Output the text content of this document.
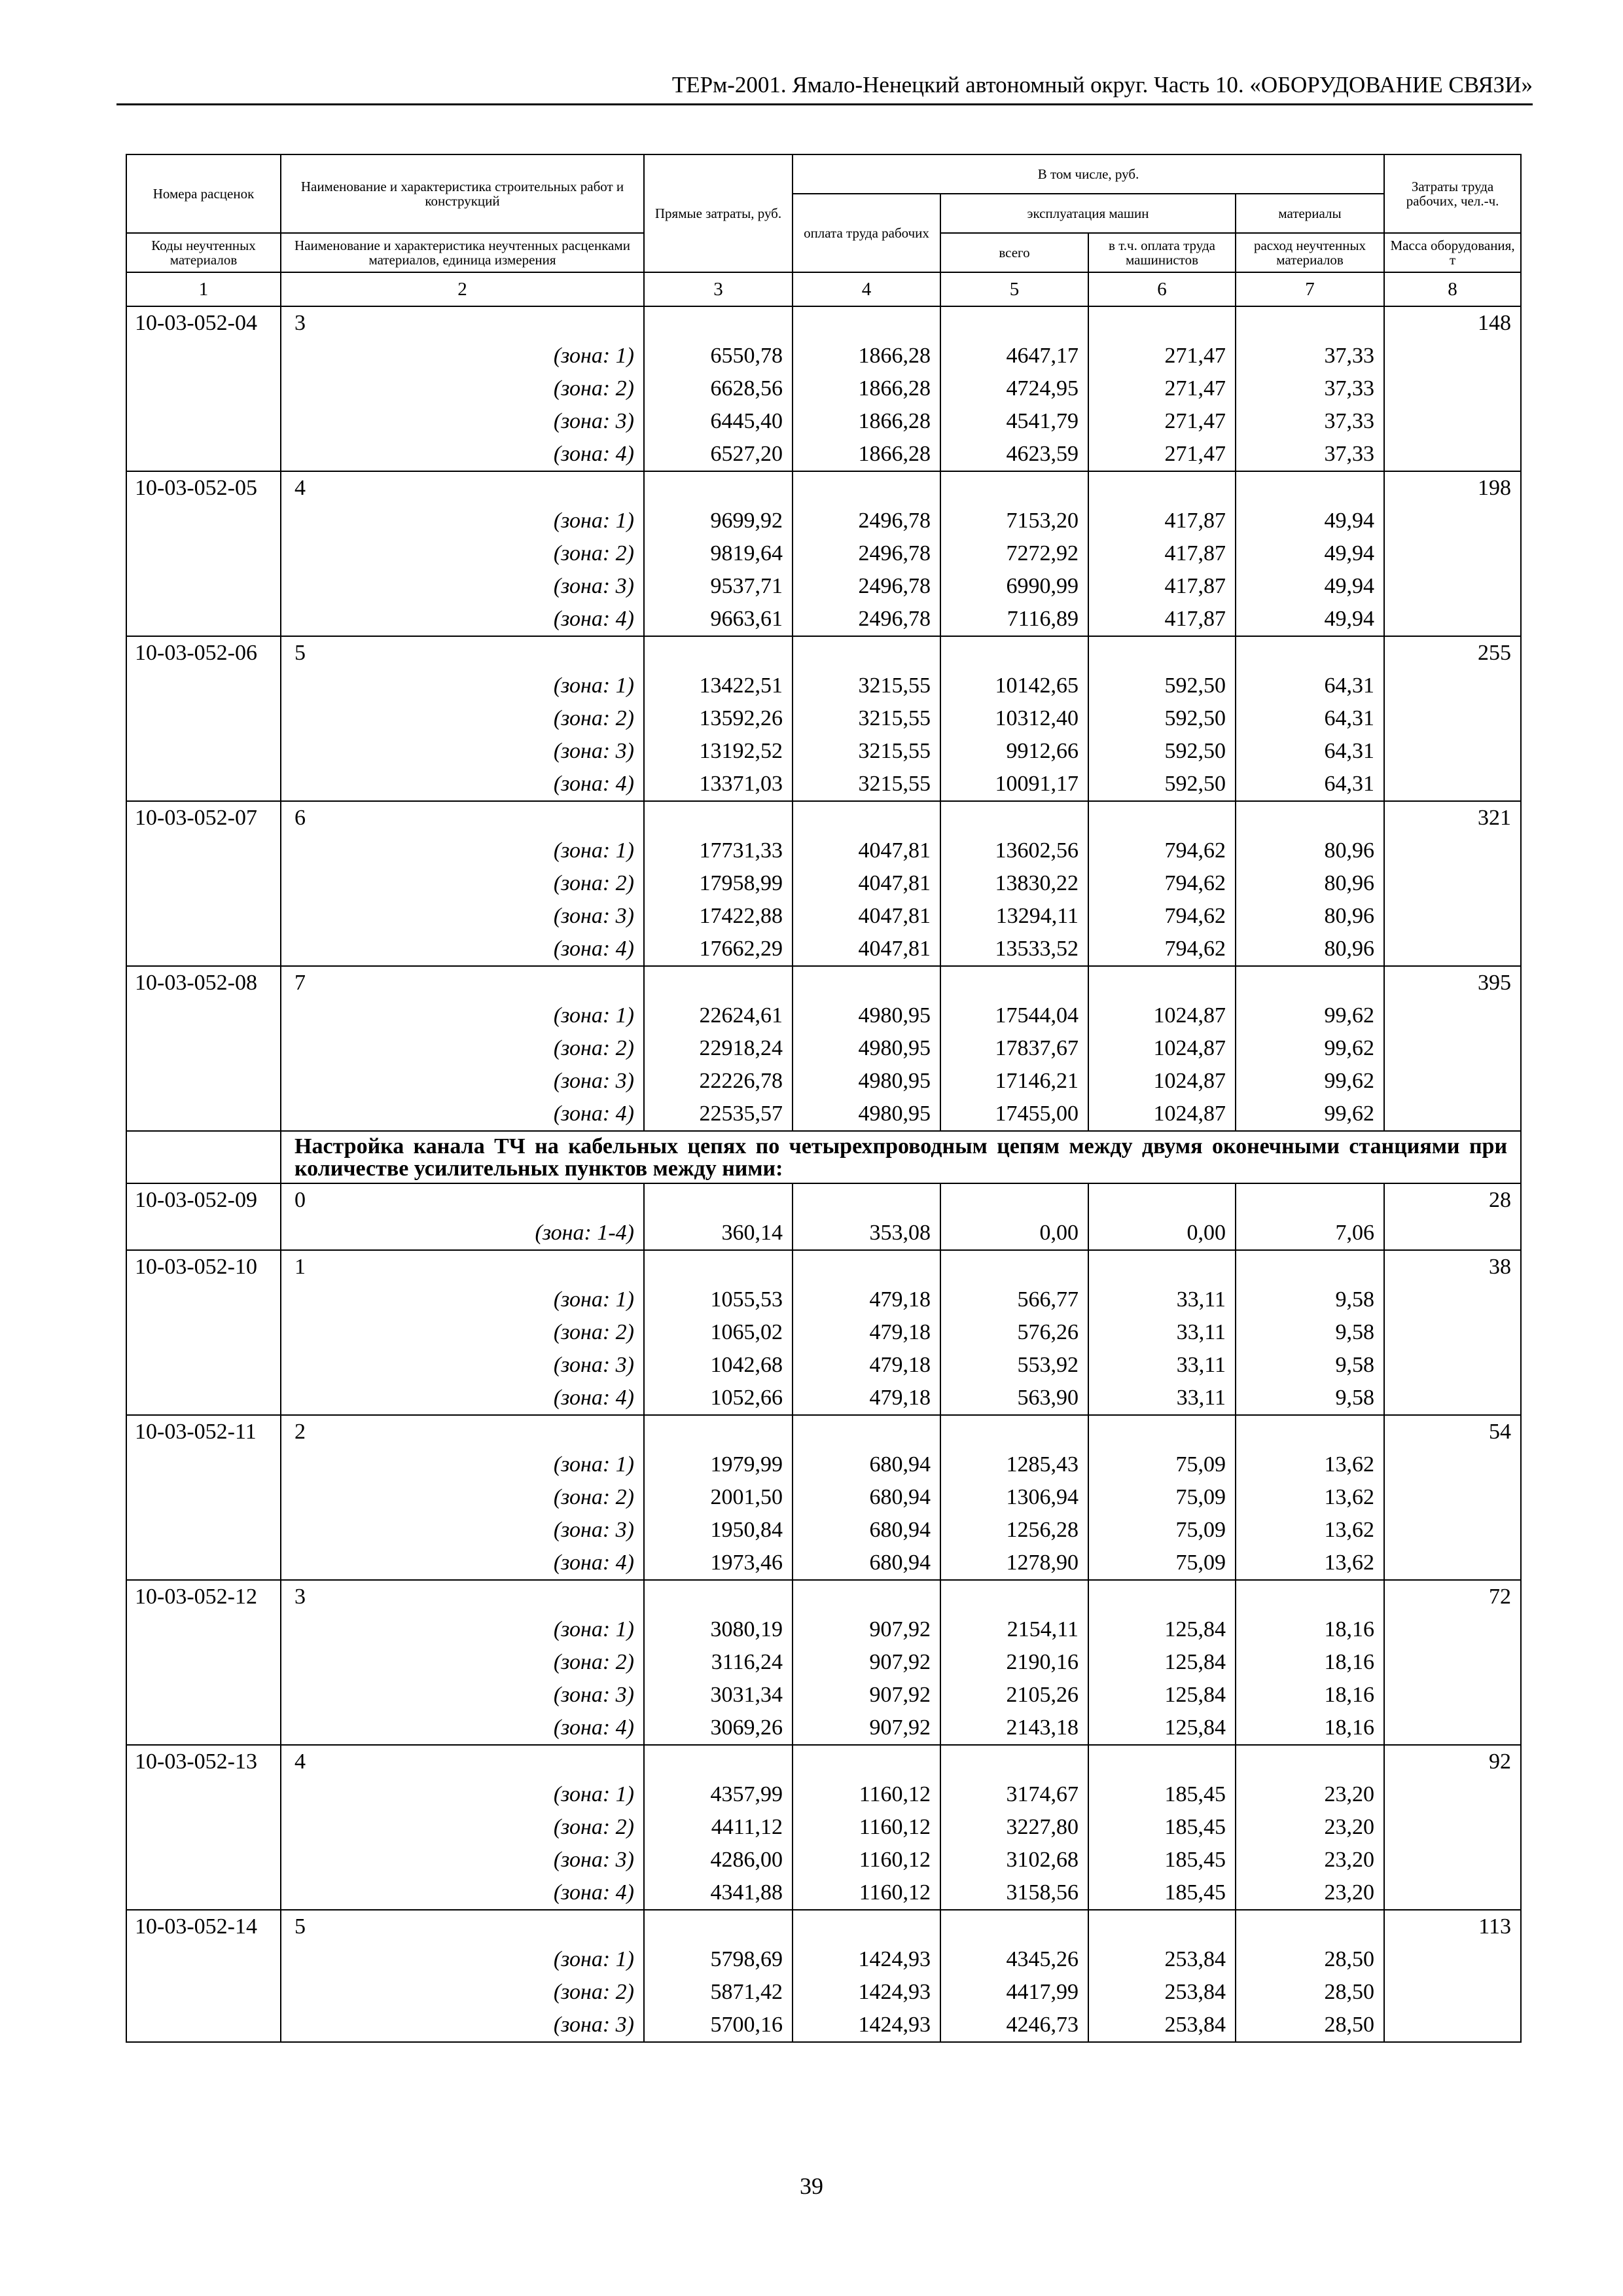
ТЕРм-2001. Ямало-Ненецкий автономный округ. Часть 10. «ОБОРУДОВАНИЕ СВЯЗИ»
Номера расценок	Наименование и характеристика строительных работ и конструкций	Прямые затраты, руб.	В том числе, руб.				Затраты труда рабочих, чел.-ч.
			оплата труда рабочих	эксплуатация машин		материалы	
Коды неучтенных материалов	Наименование и характеристика неучтенных расценками материалов, единица измерения			всего	в т.ч. оплата труда машинистов	расход неучтенных материалов	Масса оборудования, т
1	2	3	4	5	6	7	8
10-03-052-04	3						148
	(зона: 1)	6550,78	1866,28	4647,17	271,47	37,33	
	(зона: 2)	6628,56	1866,28	4724,95	271,47	37,33	
	(зона: 3)	6445,40	1866,28	4541,79	271,47	37,33	
	(зона: 4)	6527,20	1866,28	4623,59	271,47	37,33	
10-03-052-05	4						198
	(зона: 1)	9699,92	2496,78	7153,20	417,87	49,94	
	(зона: 2)	9819,64	2496,78	7272,92	417,87	49,94	
	(зона: 3)	9537,71	2496,78	6990,99	417,87	49,94	
	(зона: 4)	9663,61	2496,78	7116,89	417,87	49,94	
10-03-052-06	5						255
	(зона: 1)	13422,51	3215,55	10142,65	592,50	64,31	
	(зона: 2)	13592,26	3215,55	10312,40	592,50	64,31	
	(зона: 3)	13192,52	3215,55	9912,66	592,50	64,31	
	(зона: 4)	13371,03	3215,55	10091,17	592,50	64,31	
10-03-052-07	6						321
	(зона: 1)	17731,33	4047,81	13602,56	794,62	80,96	
	(зона: 2)	17958,99	4047,81	13830,22	794,62	80,96	
	(зона: 3)	17422,88	4047,81	13294,11	794,62	80,96	
	(зона: 4)	17662,29	4047,81	13533,52	794,62	80,96	
10-03-052-08	7						395
	(зона: 1)	22624,61	4980,95	17544,04	1024,87	99,62	
	(зона: 2)	22918,24	4980,95	17837,67	1024,87	99,62	
	(зона: 3)	22226,78	4980,95	17146,21	1024,87	99,62	
	(зона: 4)	22535,57	4980,95	17455,00	1024,87	99,62	
	Настройка канала ТЧ на кабельных цепях по четырехпроводным цепям между двумя оконечными станциями при количестве усилительных пунктов между ними:						
10-03-052-09	0						28
	(зона: 1-4)	360,14	353,08	0,00	0,00	7,06	
10-03-052-10	1						38
	(зона: 1)	1055,53	479,18	566,77	33,11	9,58	
	(зона: 2)	1065,02	479,18	576,26	33,11	9,58	
	(зона: 3)	1042,68	479,18	553,92	33,11	9,58	
	(зона: 4)	1052,66	479,18	563,90	33,11	9,58	
10-03-052-11	2						54
	(зона: 1)	1979,99	680,94	1285,43	75,09	13,62	
	(зона: 2)	2001,50	680,94	1306,94	75,09	13,62	
	(зона: 3)	1950,84	680,94	1256,28	75,09	13,62	
	(зона: 4)	1973,46	680,94	1278,90	75,09	13,62	
10-03-052-12	3						72
	(зона: 1)	3080,19	907,92	2154,11	125,84	18,16	
	(зона: 2)	3116,24	907,92	2190,16	125,84	18,16	
	(зона: 3)	3031,34	907,92	2105,26	125,84	18,16	
	(зона: 4)	3069,26	907,92	2143,18	125,84	18,16	
10-03-052-13	4						92
	(зона: 1)	4357,99	1160,12	3174,67	185,45	23,20	
	(зона: 2)	4411,12	1160,12	3227,80	185,45	23,20	
	(зона: 3)	4286,00	1160,12	3102,68	185,45	23,20	
	(зона: 4)	4341,88	1160,12	3158,56	185,45	23,20	
10-03-052-14	5						113
	(зона: 1)	5798,69	1424,93	4345,26	253,84	28,50	
	(зона: 2)	5871,42	1424,93	4417,99	253,84	28,50	
	(зона: 3)	5700,16	1424,93	4246,73	253,84	28,50	
39
